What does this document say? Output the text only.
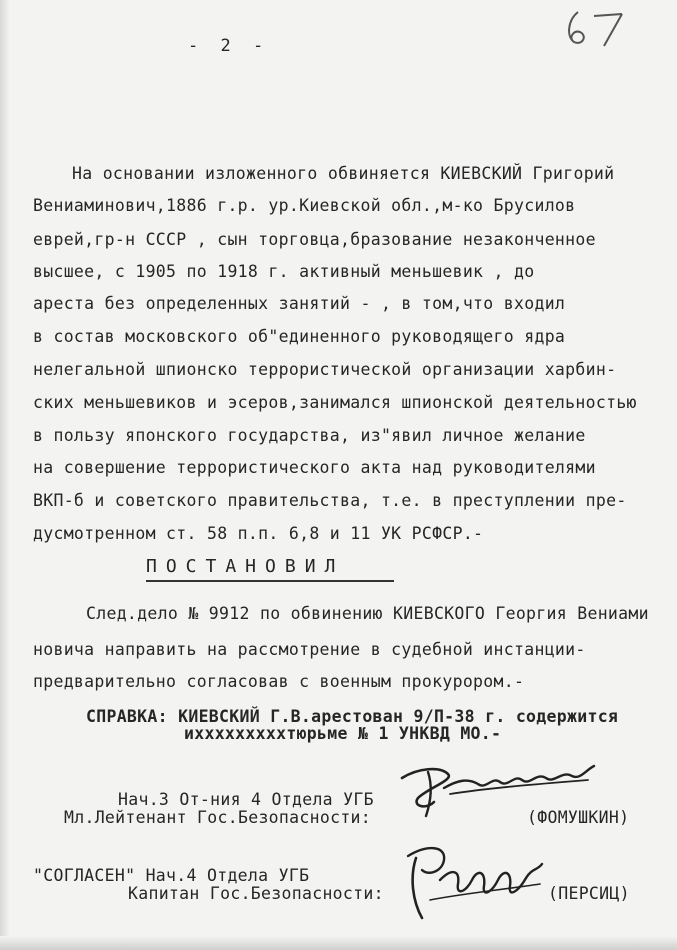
- 2 -
На основании изложенного обвиняется КИЕВСКИЙ Григорий
Вениаминович,1886 г.р. ур.Киевской обл.,м-ко Брусилов
еврей,гр-н СССР , сын торговца,бразование незаконченное
высшее, с 1905 по 1918 г. активный меньшевик , до
ареста без определенных занятий - , в том,что входил
в состав московского об"единенного руководящего ядра
нелегальной шпионско террористической организации харбин-
ских меньшевиков и эсеров,занимался шпионской деятельностью
в пользу японского государства, из"явил личное желание
на совершение террористического акта над руководителями
ВКП-б и советского правительства, т.е. в преступлении пре-
дусмотренном ст. 58 п.п. 6,8 и 11 УК РСФСР.-
ПОСТАНОВИЛ
След.дело № 9912 по обвинению КИЕВСКОГО Георгия Вениами
новича направить на рассмотрение в судебной инстанции-
предварительно согласовав с военным прокурором.-
СПРАВКА: КИЕВСКИЙ Г.В.арестован 9/П-38 г. содержится
ихххххххххтюрьме № 1 УНКВД МО.-
Нач.3 От-ния 4 Отдела УГБ
Мл.Лейтенант Гос.Безопасности:	(ФОМУШКИН)
"СОГЛАСЕН" Нач.4 Отдела УГБ
Капитан Гос.Безопасности:	(ПЕРСИЦ)
